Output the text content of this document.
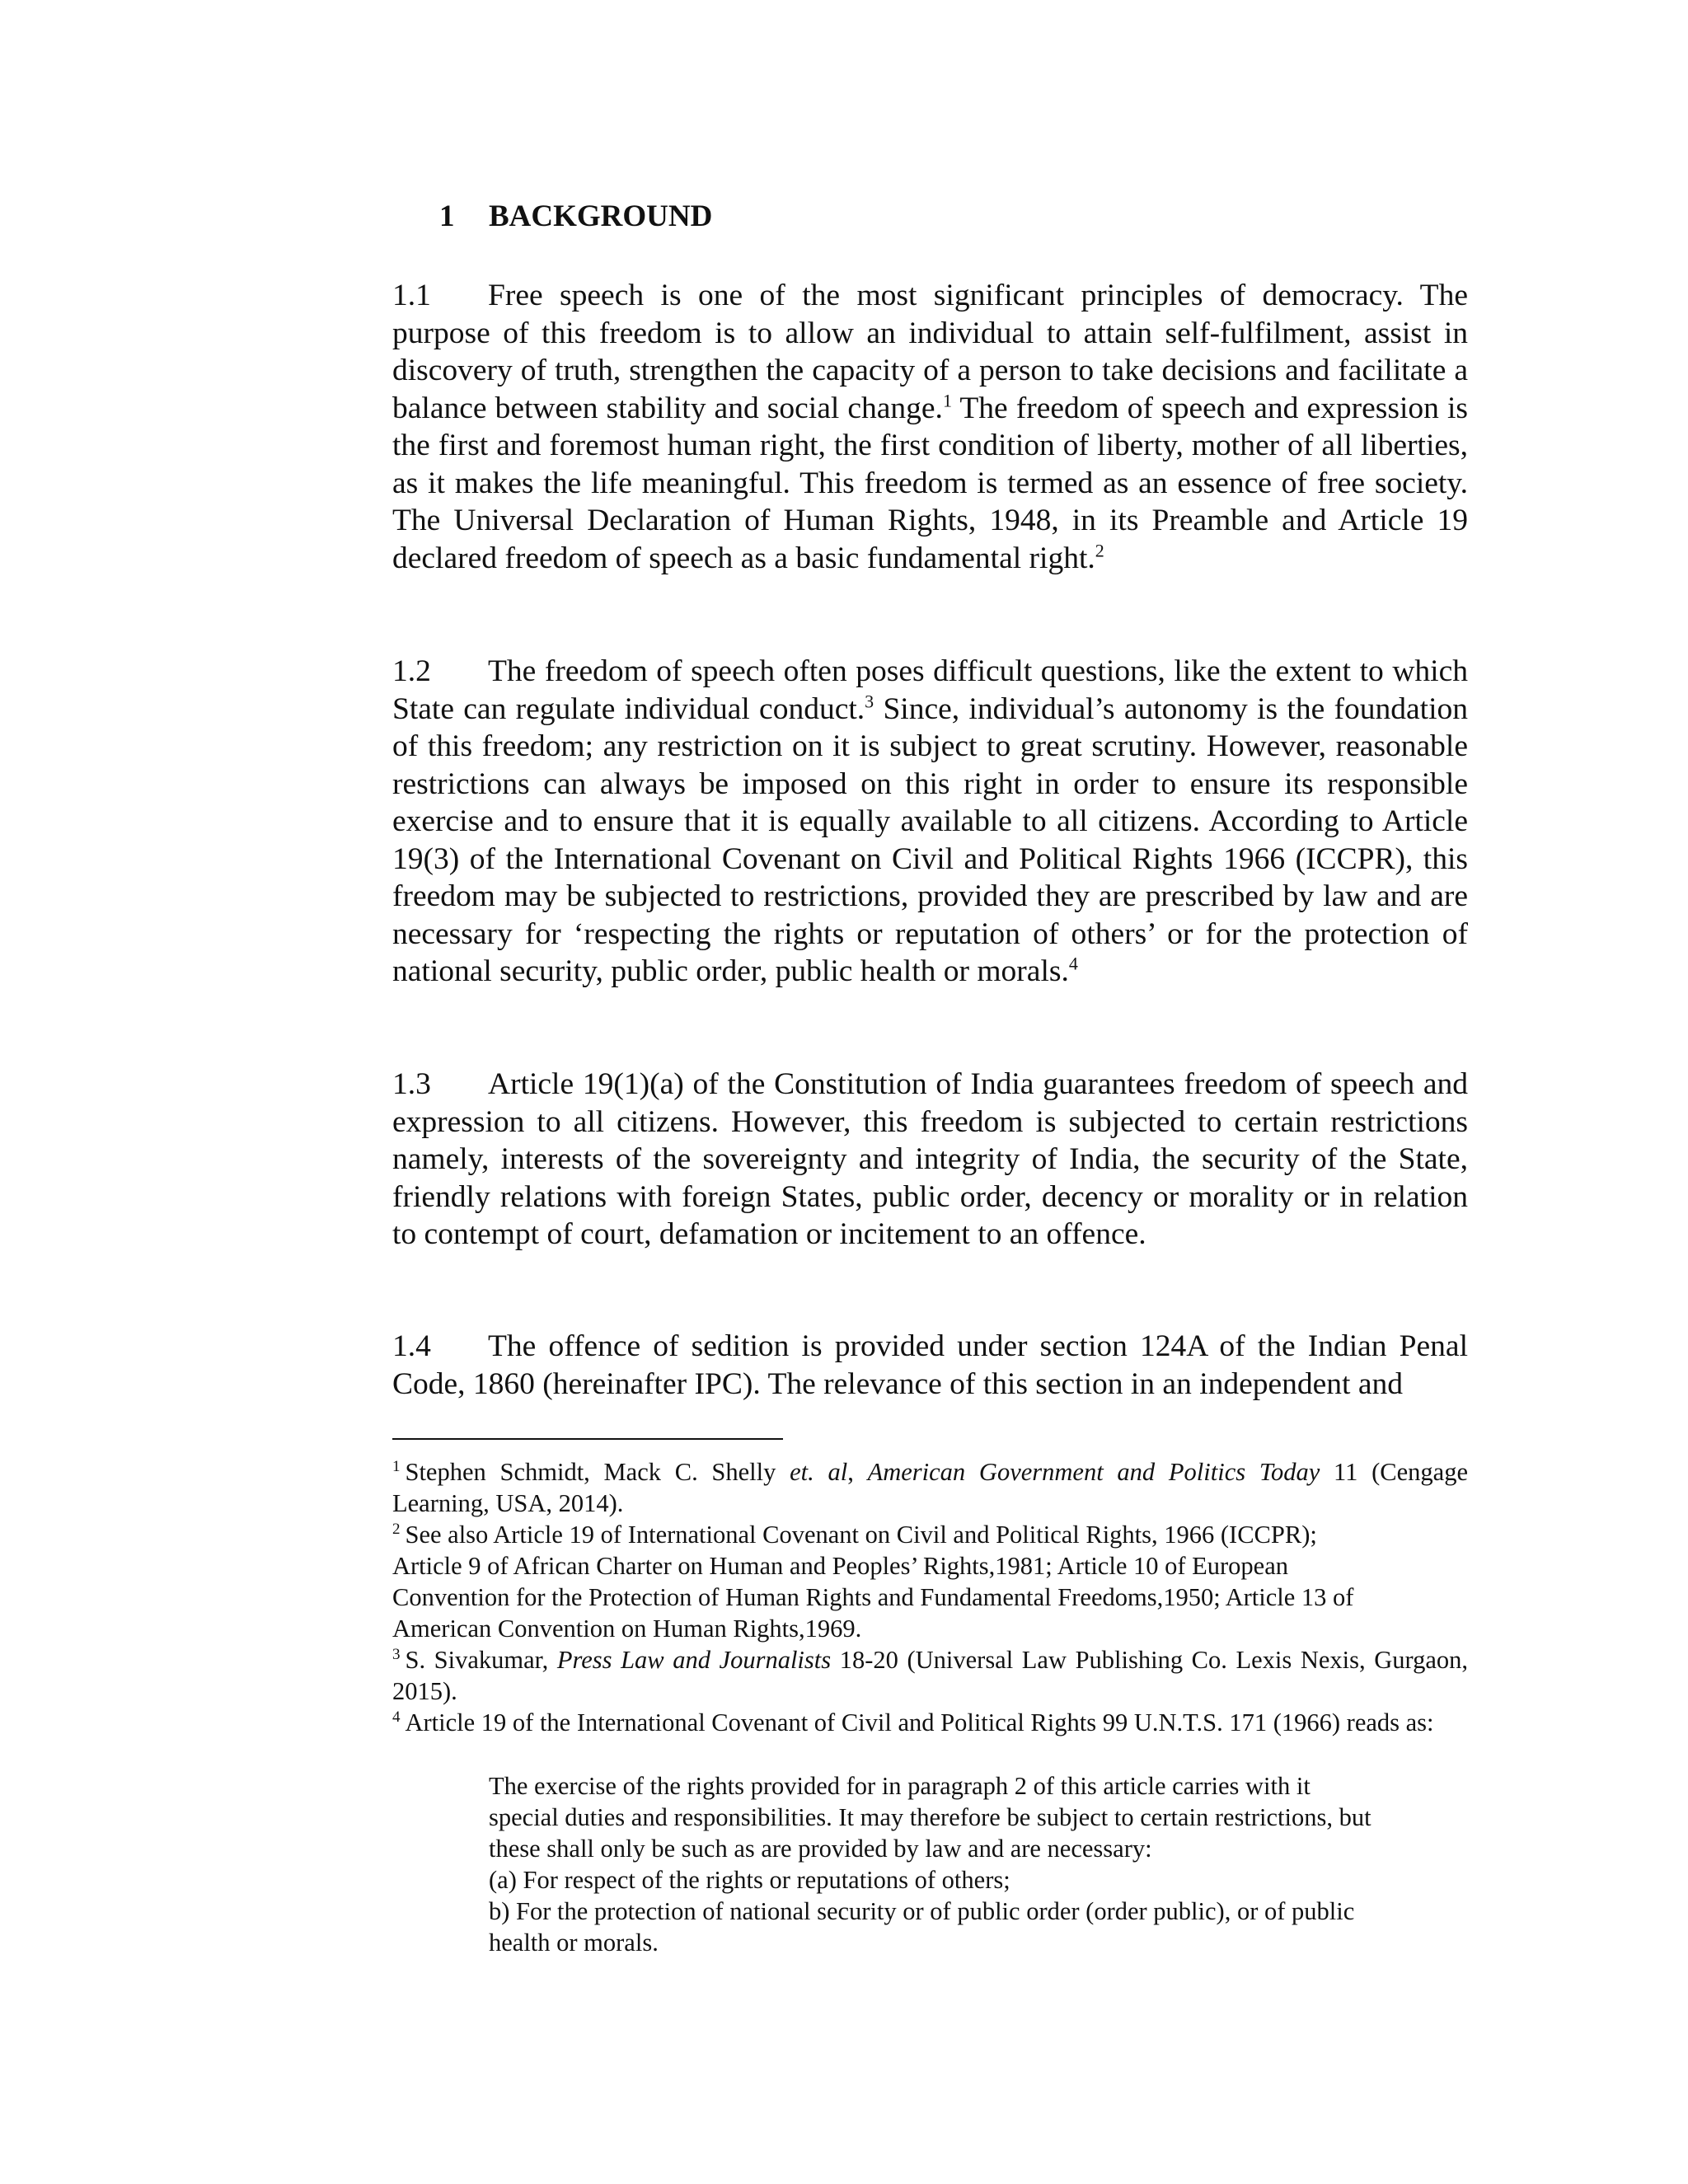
1 BACKGROUND

1.1 Free speech is one of the most significant principles of democracy. The purpose of this freedom is to allow an individual to attain self-fulfilment, assist in discovery of truth, strengthen the capacity of a person to take decisions and facilitate a balance between stability and social change.$^1$ The freedom of speech and expression is the first and foremost human right, the first condition of liberty, mother of all liberties, as it makes the life meaningful. This freedom is termed as an essence of free society. The Universal Declaration of Human Rights, 1948, in its Preamble and Article 19 declared freedom of speech as a basic fundamental right.$^2$

1.2 The freedom of speech often poses difficult questions, like the extent to which State can regulate individual conduct.$^3$ Since, individual’s autonomy is the foundation of this freedom; any restriction on it is subject to great scrutiny. However, reasonable restrictions can always be imposed on this right in order to ensure its responsible exercise and to ensure that it is equally available to all citizens. According to Article 19(3) of the International Covenant on Civil and Political Rights 1966 (ICCPR), this freedom may be subjected to restrictions, provided they are prescribed by law and are necessary for ‘respecting the rights or reputation of others’ or for the protection of national security, public order, public health or morals.$^4$

1.3 Article 19(1)(a) of the Constitution of India guarantees freedom of speech and expression to all citizens. However, this freedom is subjected to certain restrictions namely, interests of the sovereignty and integrity of India, the security of the State, friendly relations with foreign States, public order, decency or morality or in relation to contempt of court, defamation or incitement to an offence.

1.4 The offence of sedition is provided under section 124A of the Indian Penal Code, 1860 (hereinafter IPC). The relevance of this section in an independent and

$^1$ Stephen Schmidt, Mack C. Shelly et. al, American Government and Politics Today 11 (Cengage Learning, USA, 2014).

$^2$ See also Article 19 of International Covenant on Civil and Political Rights, 1966 (ICCPR);
Article 9 of African Charter on Human and Peoples’ Rights,1981; Article 10 of European
Convention for the Protection of Human Rights and Fundamental Freedoms,1950; Article 13 of
American Convention on Human Rights,1969.

$^3$ S. Sivakumar, Press Law and Journalists 18-20 (Universal Law Publishing Co. Lexis Nexis, Gurgaon, 2015).

$^4$ Article 19 of the International Covenant of Civil and Political Rights 99 U.N.T.S. 171 (1966) reads as:

The exercise of the rights provided for in paragraph 2 of this article carries with it

special duties and responsibilities. It may therefore be subject to certain restrictions, but

these shall only be such as are provided by law and are necessary:

(a) For respect of the rights or reputations of others;

b) For the protection of national security or of public order (order public), or of public

health or morals.
